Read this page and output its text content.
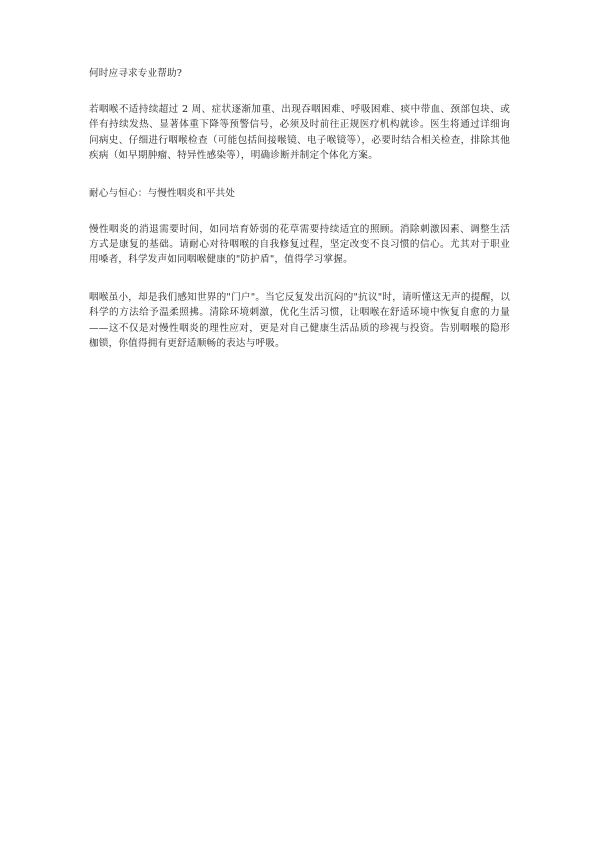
何时应寻求专业帮助?

若咽喉不适持续超过 2 周、症状逐渐加重、出现吞咽困难、呼吸困难、痰中带血、颈部包块、或伴有持续发热、显著体重下降等预警信号，必须及时前往正规医疗机构就诊。医生将通过详细询问病史、仔细进行咽喉检查（可能包括间接喉镜、电子喉镜等），必要时结合相关检查，排除其他疾病（如早期肿瘤、特异性感染等），明确诊断并制定个体化方案。

耐心与恒心：与慢性咽炎和平共处

慢性咽炎的消退需要时间，如同培育娇弱的花草需要持续适宜的照顾。消除刺激因素、调整生活方式是康复的基础。请耐心对待咽喉的自我修复过程，坚定改变不良习惯的信心。尤其对于职业用嗓者，科学发声如同咽喉健康的"防护盾"，值得学习掌握。

咽喉虽小，却是我们感知世界的"门户"。当它反复发出沉闷的"抗议"时，请听懂这无声的提醒，以科学的方法给予温柔照拂。清除环境刺激，优化生活习惯，让咽喉在舒适环境中恢复自愈的力量——这不仅是对慢性咽炎的理性应对，更是对自己健康生活品质的珍视与投资。告别咽喉的隐形枷锁，你值得拥有更舒适顺畅的表达与呼吸。
